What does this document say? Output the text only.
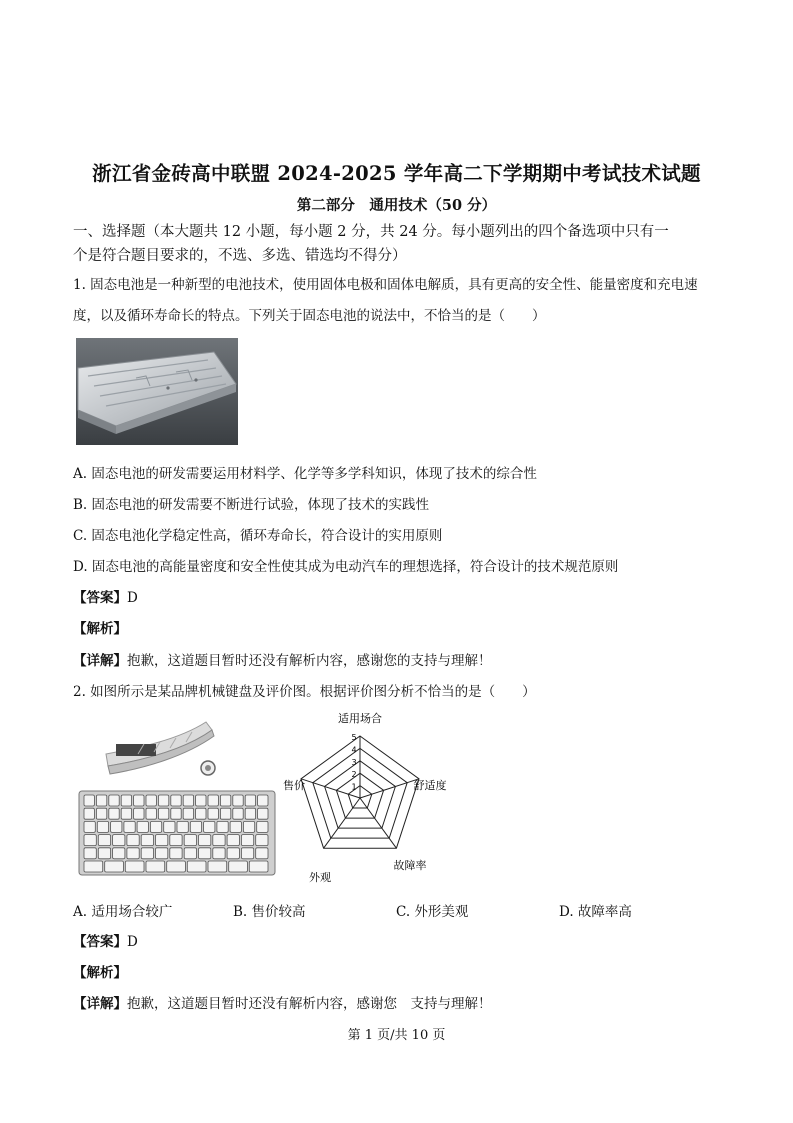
浙江省金砖高中联盟 2024-2025 学年高二下学期期中考试技术试题
第二部分　通用技术（50 分）
一、选择题（本大题共 12 小题，每小题 2 分，共 24 分。每小题列出的四个备选项中只有一
个是符合题目要求的，不选、多选、错选均不得分）
1. 固态电池是一种新型的电池技术，使用固体电极和固体电解质，具有更高的安全性、能量密度和充电速
度，以及循环寿命长的特点。下列关于固态电池的说法中，不恰当的是（　　）
A. 固态电池的研发需要运用材料学、化学等多学科知识，体现了技术的综合性
B. 固态电池的研发需要不断进行试验，体现了技术的实践性
C. 固态电池化学稳定性高，循环寿命长，符合设计的实用原则
D. 固态电池的高能量密度和安全性使其成为电动汽车的理想选择，符合设计的技术规范原则
【答案】D
【解析】
【详解】抱歉，这道题目暂时还没有解析内容，感谢您的支持与理解！
2. 如图所示是某品牌机械键盘及评价图。根据评价图分析不恰当的是（　　）
适用场合
舒适度
故障率
外观
售价	1
2
3
4
5
A. 适用场合较广	B. 售价较高	C. 外形美观	D. 故障率高
【答案】D
【解析】
【详解】抱歉，这道题目暂时还没有解析内容，感谢您　支持与理解！
第 1 页/共 10 页
